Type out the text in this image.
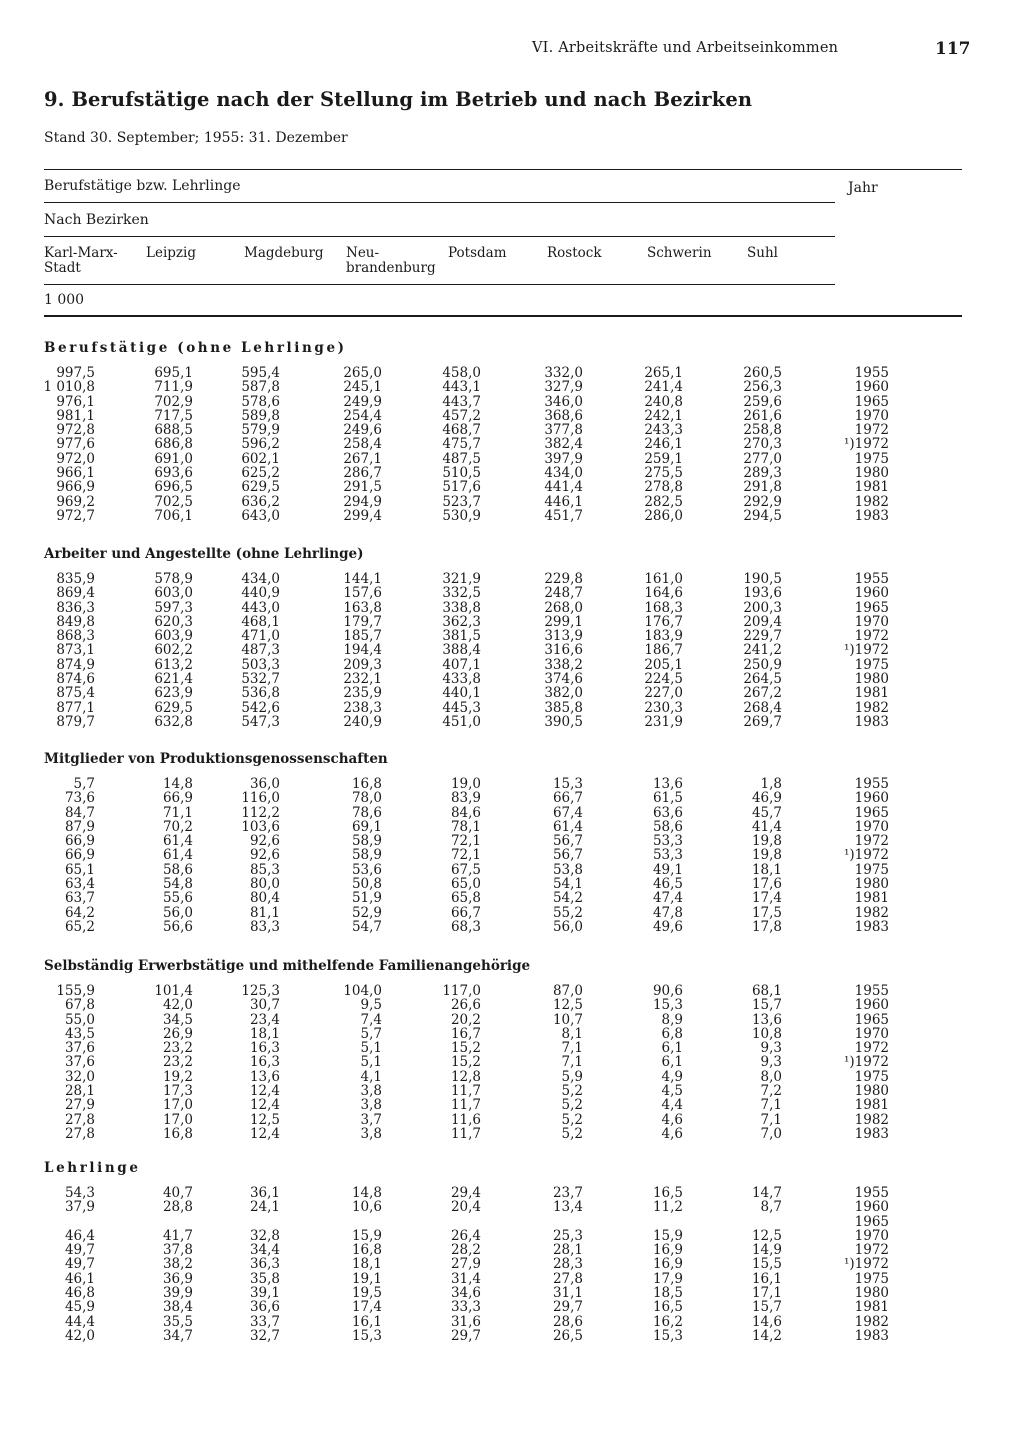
VI. Arbeitskräfte und Arbeitseinkommen	117
9. Berufstätige nach der Stellung im Betrieb und nach Bezirken
Stand 30. September; 1955: 31. Dezember
Berufstätige bzw. Lehrlinge	Jahr
Nach Bezirken
Karl-Marx-
Stadt
Leipzig	Magdeburg Neu-
brandenburg
Potsdam	Rostock	Schwerin	Suhl
1 000
Berufstätige (ohne Lehrlinge)
997,5	695,1	595,4	265,0	458,0	332,0	265,1	260,5	1955
1 010,8	711,9	587,8	245,1	443,1	327,9	241,4	256,3	1960
976,1	702,9	578,6	249,9	443,7	346,0	240,8	259,6	1965
981,1	717,5	589,8	254,4	457,2	368,6	242,1	261,6	1970
972,8	688,5	579,9	249,6	468,7	377,8	243,3	258,8	1972
977,6	686,8	596,2	258,4	475,7	382,4	246,1	270,3	¹)1972
972,0	691,0	602,1	267,1	487,5	397,9	259,1	277,0	1975
966,1	693,6	625,2	286,7	510,5	434,0	275,5	289,3	1980
966,9	696,5	629,5	291,5	517,6	441,4	278,8	291,8	1981
969,2	702,5	636,2	294,9	523,7	446,1	282,5	292,9	1982
972,7	706,1	643,0	299,4	530,9	451,7	286,0	294,5	1983
Arbeiter und Angestellte (ohne Lehrlinge)
835,9	578,9	434,0	144,1	321,9	229,8	161,0	190,5	1955
869,4	603,0	440,9	157,6	332,5	248,7	164,6	193,6	1960
836,3	597,3	443,0	163,8	338,8	268,0	168,3	200,3	1965
849,8	620,3	468,1	179,7	362,3	299,1	176,7	209,4	1970
868,3	603,9	471,0	185,7	381,5	313,9	183,9	229,7	1972
873,1	602,2	487,3	194,4	388,4	316,6	186,7	241,2	¹)1972
874,9	613,2	503,3	209,3	407,1	338,2	205,1	250,9	1975
874,6	621,4	532,7	232,1	433,8	374,6	224,5	264,5	1980
875,4	623,9	536,8	235,9	440,1	382,0	227,0	267,2	1981
877,1	629,5	542,6	238,3	445,3	385,8	230,3	268,4	1982
879,7	632,8	547,3	240,9	451,0	390,5	231,9	269,7	1983
Mitglieder von Produktionsgenossenschaften
5,7	14,8	36,0	16,8	19,0	15,3	13,6	1,8	1955
73,6	66,9	116,0	78,0	83,9	66,7	61,5	46,9	1960
84,7	71,1	112,2	78,6	84,6	67,4	63,6	45,7	1965
87,9	70,2	103,6	69,1	78,1	61,4	58,6	41,4	1970
66,9	61,4	92,6	58,9	72,1	56,7	53,3	19,8	1972
66,9	61,4	92,6	58,9	72,1	56,7	53,3	19,8	¹)1972
65,1	58,6	85,3	53,6	67,5	53,8	49,1	18,1	1975
63,4	54,8	80,0	50,8	65,0	54,1	46,5	17,6	1980
63,7	55,6	80,4	51,9	65,8	54,2	47,4	17,4	1981
64,2	56,0	81,1	52,9	66,7	55,2	47,8	17,5	1982
65,2	56,6	83,3	54,7	68,3	56,0	49,6	17,8	1983
Selbständig Erwerbstätige und mithelfende Familienangehörige
155,9	101,4	125,3	104,0	117,0	87,0	90,6	68,1	1955
67,8	42,0	30,7	9,5	26,6	12,5	15,3	15,7	1960
55,0	34,5	23,4	7,4	20,2	10,7	8,9	13,6	1965
43,5	26,9	18,1	5,7	16,7	8,1	6,8	10,8	1970
37,6	23,2	16,3	5,1	15,2	7,1	6,1	9,3	1972
37,6	23,2	16,3	5,1	15,2	7,1	6,1	9,3	¹)1972
32,0	19,2	13,6	4,1	12,8	5,9	4,9	8,0	1975
28,1	17,3	12,4	3,8	11,7	5,2	4,5	7,2	1980
27,9	17,0	12,4	3,8	11,7	5,2	4,4	7,1	1981
27,8	17,0	12,5	3,7	11,6	5,2	4,6	7,1	1982
27,8	16,8	12,4	3,8	11,7	5,2	4,6	7,0	1983
Lehrlinge
54,3	40,7	36,1	14,8	29,4	23,7	16,5	14,7	1955
37,9	28,8	24,1	10,6	20,4	13,4	11,2	8,7	1960
1965
46,4	41,7	32,8	15,9	26,4	25,3	15,9	12,5	1970
49,7	37,8	34,4	16,8	28,2	28,1	16,9	14,9	1972
49,7	38,2	36,3	18,1	27,9	28,3	16,9	15,5	¹)1972
46,1	36,9	35,8	19,1	31,4	27,8	17,9	16,1	1975
46,8	39,9	39,1	19,5	34,6	31,1	18,5	17,1	1980
45,9	38,4	36,6	17,4	33,3	29,7	16,5	15,7	1981
44,4	35,5	33,7	16,1	31,6	28,6	16,2	14,6	1982
42,0	34,7	32,7	15,3	29,7	26,5	15,3	14,2	1983
